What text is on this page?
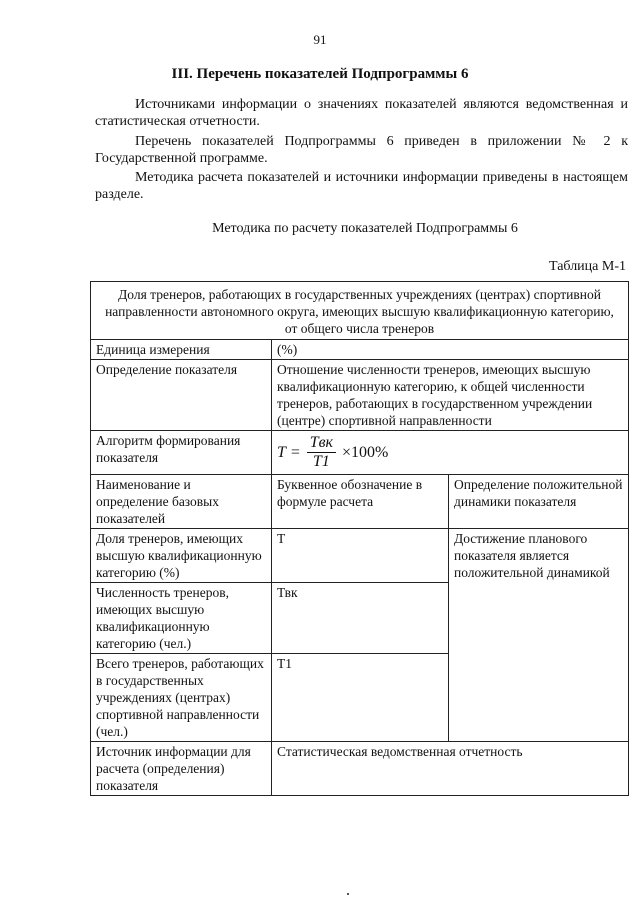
91
III. Перечень показателей Подпрограммы 6
Источниками информации о значениях показателей являются ведомственная и статистическая отчетности.
Перечень показателей Подпрограммы 6 приведен в приложении № 2 к Государственной программе.
Методика расчета показателей и источники информации приведены в настоящем разделе.
Методика по расчету показателей Подпрограммы 6
Таблица М-1
Доля тренеров, работающих в государственных учреждениях (центрах) спортивной направленности автономного округа, имеющих высшую квалификационную категорию, от общего числа тренеров		
Единица измерения	(%)	
Определение показателя	Отношение численности тренеров, имеющих высшую квалификационную категорию, к общей численности тренеров, работающих в государственном учреждении (центре) спортивной направленности	
Алгоритм формирования показателя	$T = \frac{\text{Tвк}}{T1} \times 100\%$	

Наименование и определение базовых показателей	Буквенное обозначение в формуле расчета	Определение положительной динамики показателя
Доля тренеров, имеющих высшую квалификационную категорию (%)	T	Достижение планового показателя является положительной динамикой
Численность тренеров, имеющих высшую квалификационную категорию (чел.)	Твк	
Всего тренеров, работающих в государственных учреждениях (центрах) спортивной направленности (чел.)	T1	
Источник информации для расчета (определения) показателя	Статистическая ведомственная отчетность	
